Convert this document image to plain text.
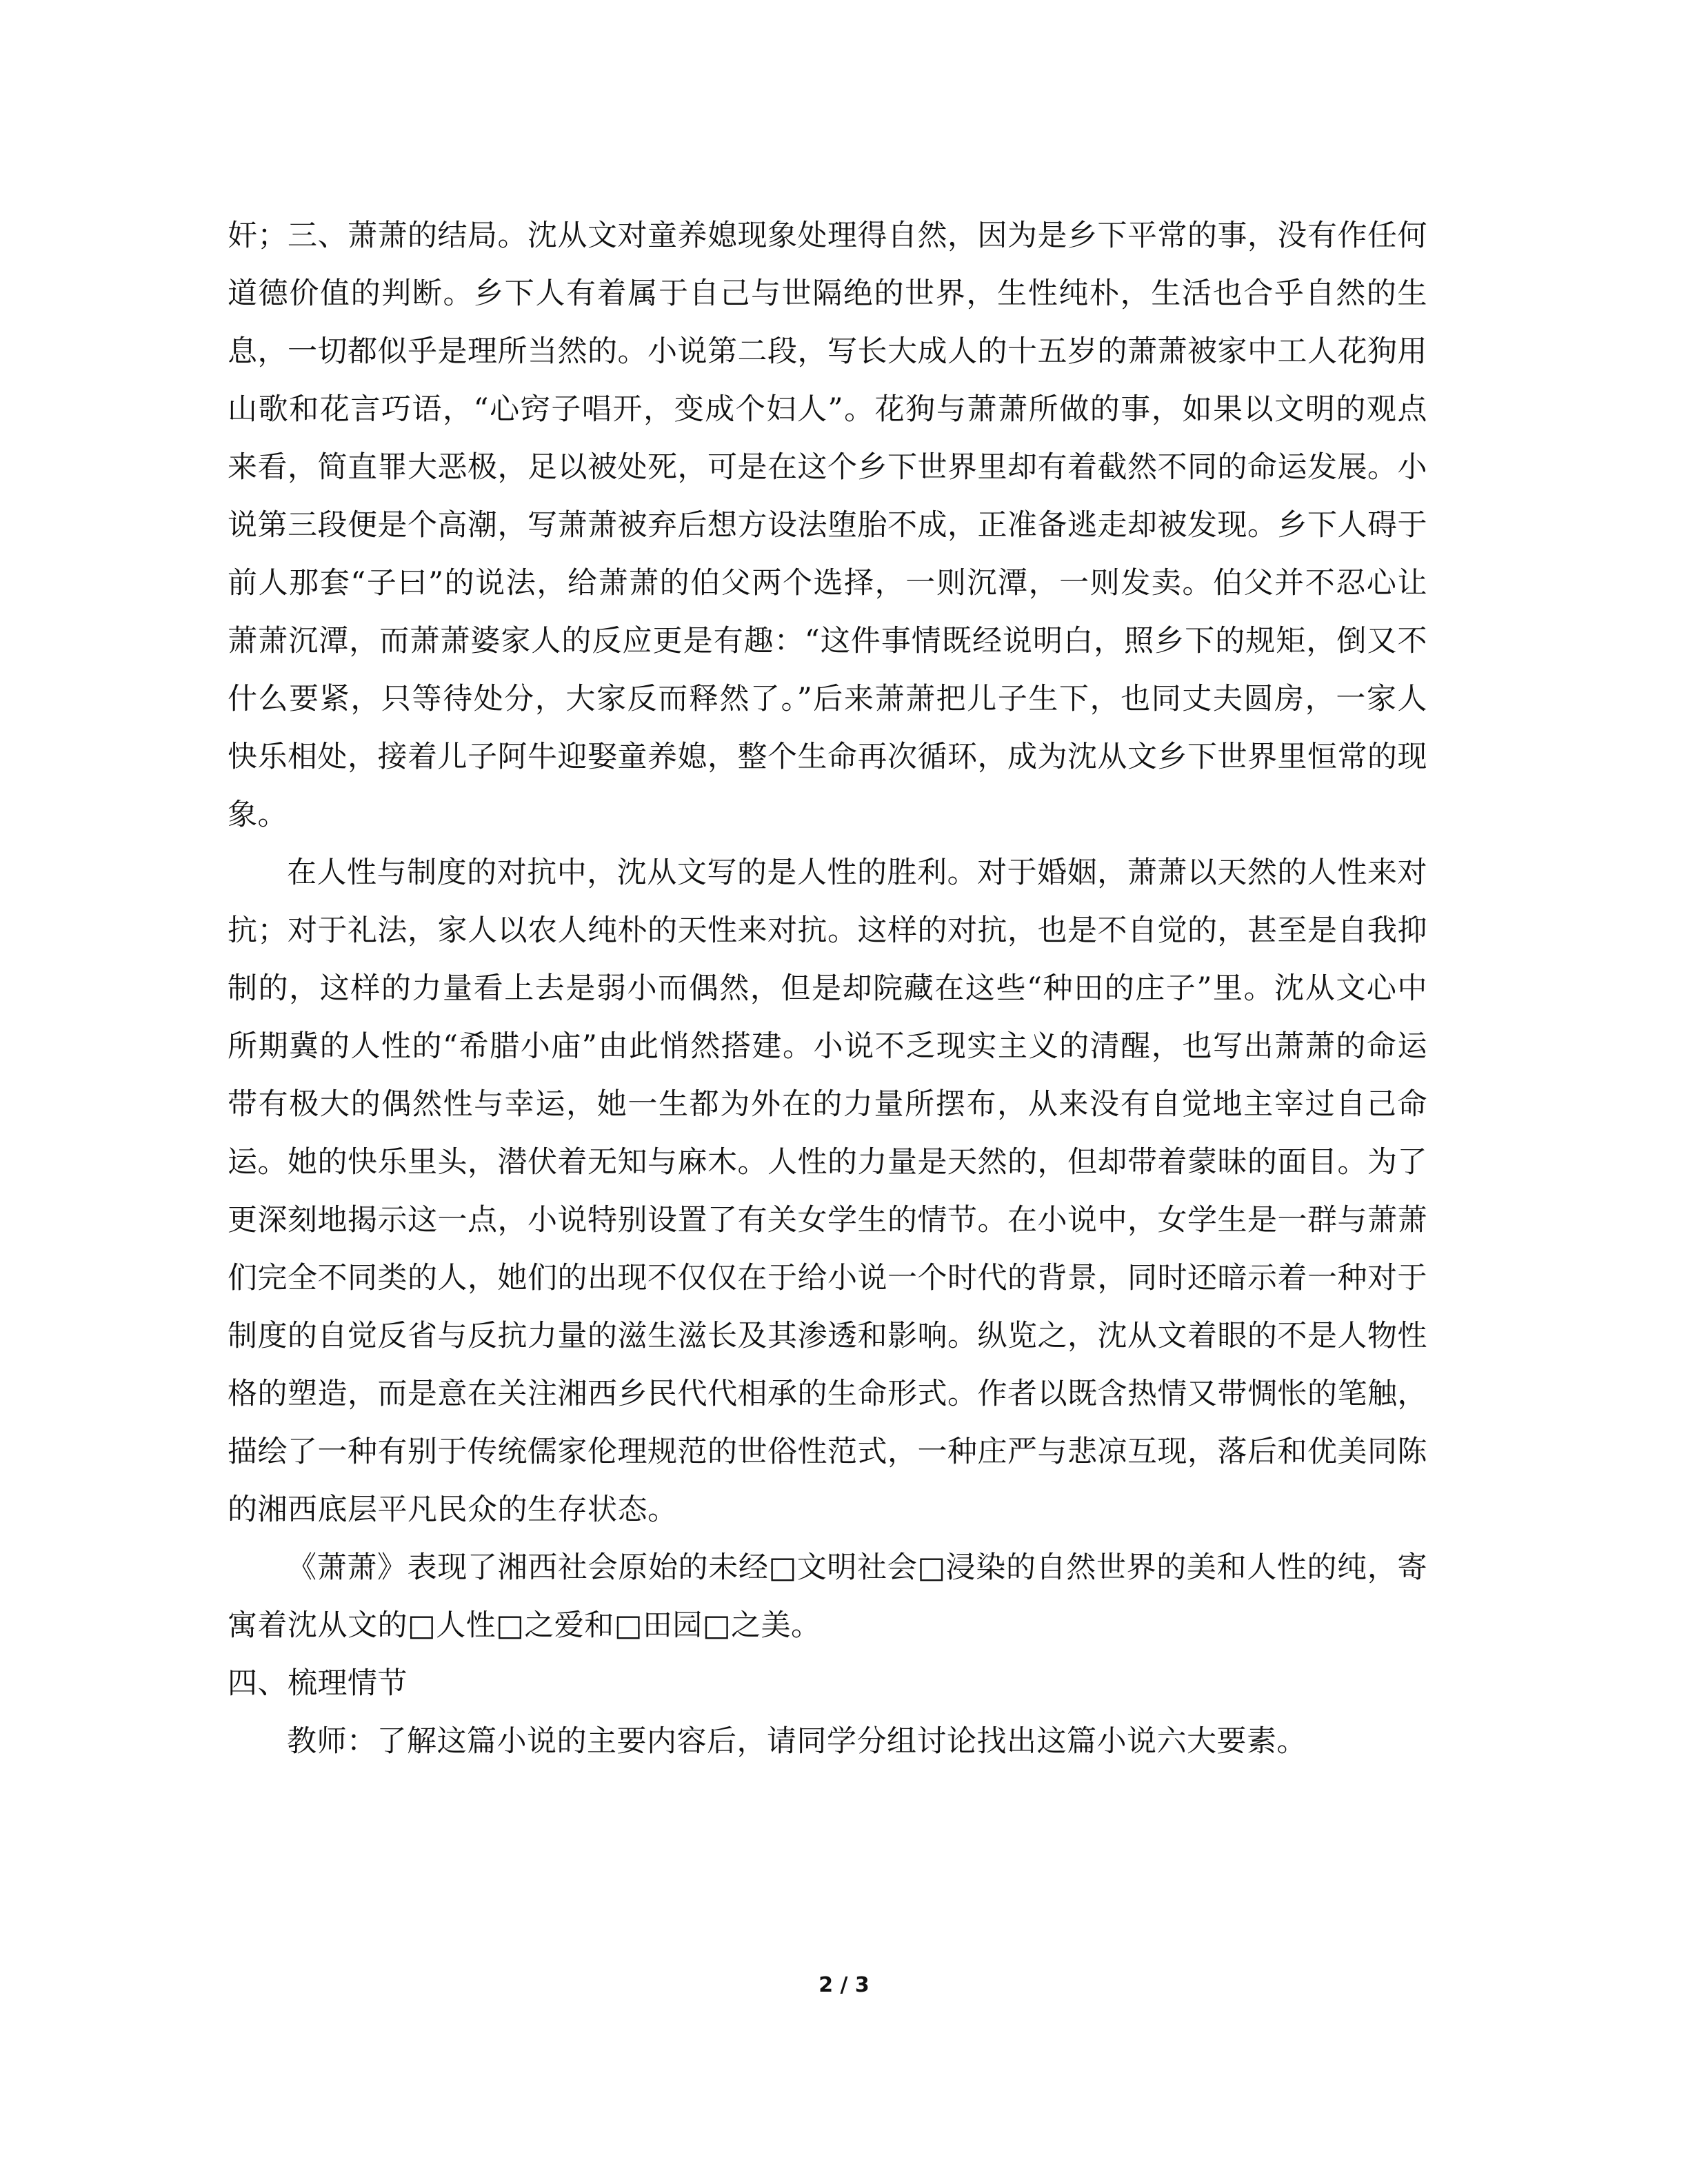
奸；三、萧萧的结局。沈从文对童养媳现象处理得自然，因为是乡下平常的事，没有作任何道德价值的判断。乡下人有着属于自己与世隔绝的世界，生性纯朴，生活也合乎自然的生息，一切都似乎是理所当然的。小说第二段，写长大成人的十五岁的萧萧被家中工人花狗用山歌和花言巧语，“心窍子唱开，变成个妇人”。花狗与萧萧所做的事，如果以文明的观点来看，简直罪大恶极，足以被处死，可是在这个乡下世界里却有着截然不同的命运发展。小说第三段便是个高潮，写萧萧被弃后想方设法堕胎不成，正准备逃走却被发现。乡下人碍于前人那套“子曰”的说法，给萧萧的伯父两个选择，一则沉潭，一则发卖。伯父并不忍心让萧萧沉潭，而萧萧婆家人的反应更是有趣：“这件事情既经说明白，照乡下的规矩，倒又不什么要紧，只等待处分，大家反而释然了。”后来萧萧把儿子生下，也同丈夫圆房，一家人快乐相处，接着儿子阿牛迎娶童养媳，整个生命再次循环，成为沈从文乡下世界里恒常的现象。

在人性与制度的对抗中，沈从文写的是人性的胜利。对于婚姻，萧萧以天然的人性来对抗；对于礼法，家人以农人纯朴的天性来对抗。这样的对抗，也是不自觉的，甚至是自我抑制的，这样的力量看上去是弱小而偶然，但是却院藏在这些“种田的庄子”里。沈从文心中所期冀的人性的“希腊小庙”由此悄然搭建。小说不乏现实主义的清醒，也写出萧萧的命运带有极大的偶然性与幸运，她一生都为外在的力量所摆布，从来没有自觉地主宰过自己命运。她的快乐里头，潜伏着无知与麻木。人性的力量是天然的，但却带着蒙昧的面目。为了更深刻地揭示这一点，小说特别设置了有关女学生的情节。在小说中，女学生是一群与萧萧们完全不同类的人，她们的出现不仅仅在于给小说一个时代的背景，同时还暗示着一种对于制度的自觉反省与反抗力量的滋生滋长及其渗透和影响。纵览之，沈从文着眼的不是人物性格的塑造，而是意在关注湘西乡民代代相承的生命形式。作者以既含热情又带惆怅的笔触，描绘了一种有别于传统儒家伦理规范的世俗性范式，一种庄严与悲凉互现，落后和优美同陈的湘西底层平凡民众的生存状态。

《萧萧》表现了湘西社会原始的未经□文明社会□浸染的自然世界的美和人性的纯，寄寓着沈从文的□人性□之爱和□田园□之美。

四、梳理情节

教师：了解这篇小说的主要内容后，请同学分组讨论找出这篇小说六大要素。

2 / 3
